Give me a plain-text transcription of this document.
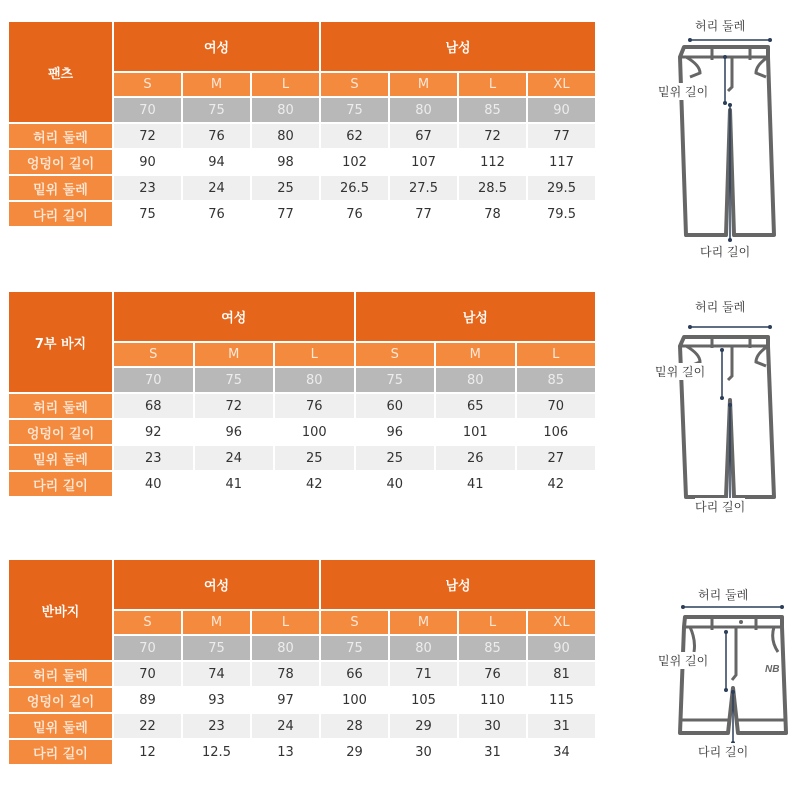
팬츠	여성			남성			
	S	M	L	S	M	L	XL
	70	75	80	75	80	85	90
허리 둘레	72	76	80	62	67	72	77
엉덩이 길이	90	94	98	102	107	112	117
밑위 둘레	23	24	25	26.5	27.5	28.5	29.5
다리 길이	75	76	77	76	77	78	79.5
7부 바지	여성			남성		
	S	M	L	S	M	L
	70	75	80	75	80	85
허리 둘레	68	72	76	60	65	70
엉덩이 길이	92	96	100	96	101	106
밑위 둘레	23	24	25	25	26	27
다리 길이	40	41	42	40	41	42
반바지	여성			남성			
	S	M	L	S	M	L	XL
	70	75	80	75	80	85	90
허리 둘레	70	74	78	66	71	76	81
엉덩이 길이	89	93	97	100	105	110	115
밑위 둘레	22	23	24	28	29	30	31
다리 길이	12	12.5	13	29	30	31	34
허리 둘레
밑위 길이
다리 길이
허리 둘레
밑위 길이
다리 길이
NB
허리 둘레
밑위 길이
다리 길이
